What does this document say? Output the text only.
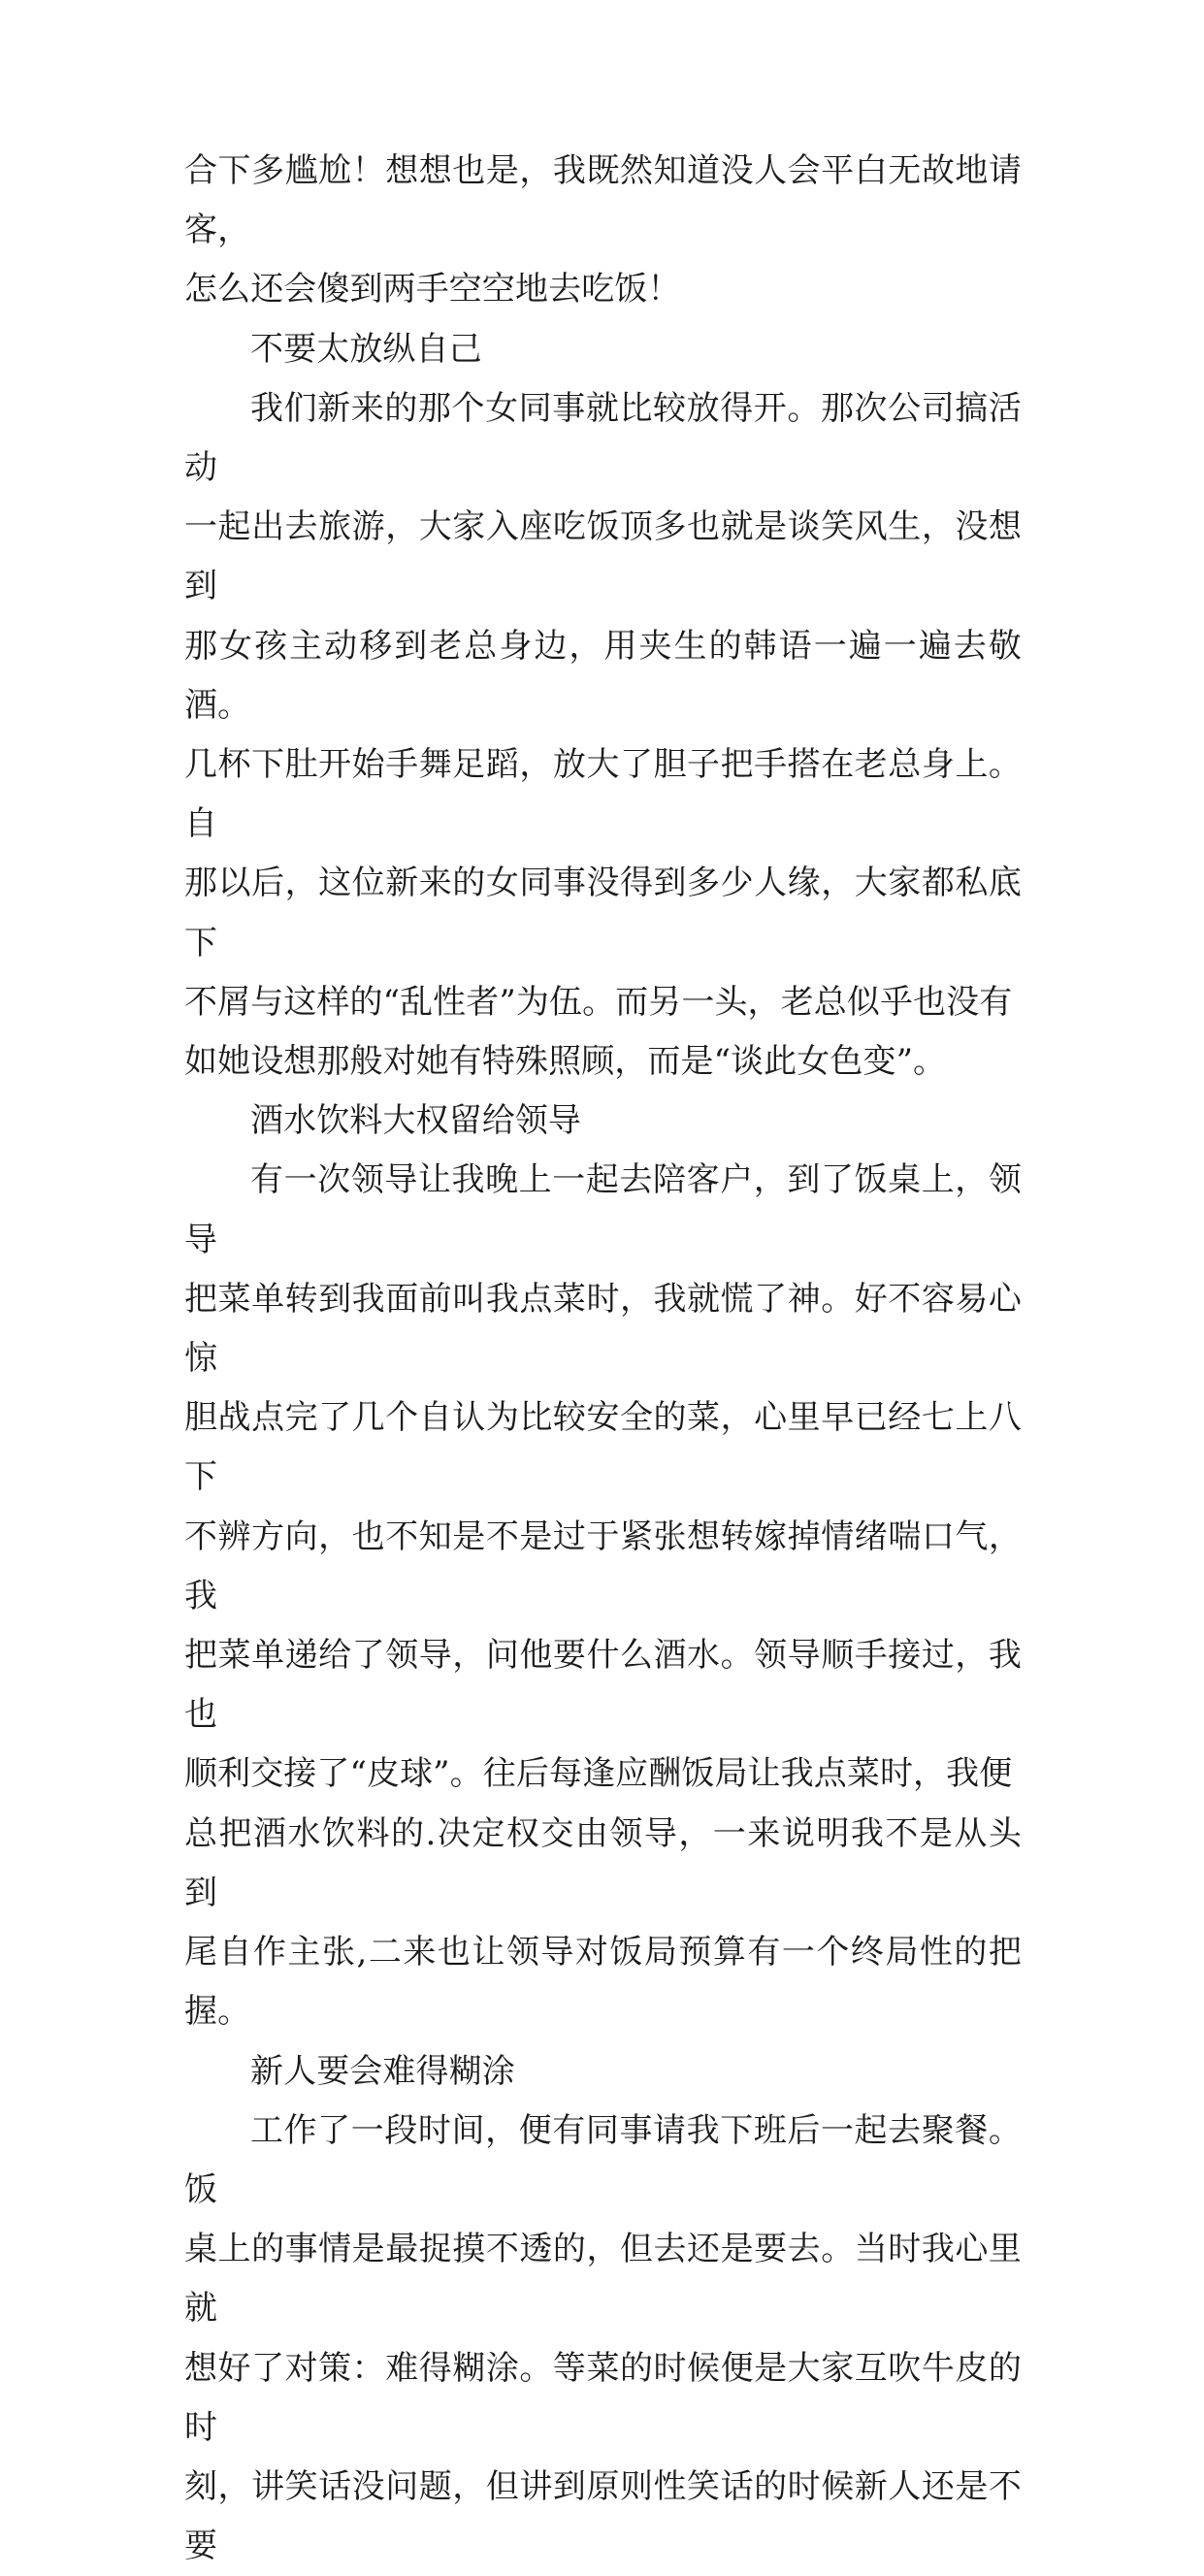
合下多尴尬！想想也是，我既然知道没人会平白无故地请客，
怎么还会傻到两手空空地去吃饭！

不要太放纵自己

我们新来的那个女同事就比较放得开。那次公司搞活动
一起出去旅游，大家入座吃饭顶多也就是谈笑风生，没想到
那女孩主动移到老总身边，用夹生的韩语一遍一遍去敬酒。
几杯下肚开始手舞足蹈，放大了胆子把手搭在老总身上。自
那以后，这位新来的女同事没得到多少人缘，大家都私底下
不屑与这样的“乱性者”为伍。而另一头，老总似乎也没有
如她设想那般对她有特殊照顾，而是“谈此女色变”。

酒水饮料大权留给领导

有一次领导让我晚上一起去陪客户，到了饭桌上，领导
把菜单转到我面前叫我点菜时，我就慌了神。好不容易心惊
胆战点完了几个自认为比较安全的菜，心里早已经七上八下
不辨方向，也不知是不是过于紧张想转嫁掉情绪喘口气，我
把菜单递给了领导，问他要什么酒水。领导顺手接过，我也
顺利交接了“皮球”。往后每逢应酬饭局让我点菜时，我便
总把酒水饮料的.决定权交由领导，一来说明我不是从头到
尾自作主张,二来也让领导对饭局预算有一个终局性的把握。

新人要会难得糊涂

工作了一段时间，便有同事请我下班后一起去聚餐。饭
桌上的事情是最捉摸不透的，但去还是要去。当时我心里就
想好了对策：难得糊涂。等菜的时候便是大家互吹牛皮的时
刻，讲笑话没问题，但讲到原则性笑话的时候新人还是不要
